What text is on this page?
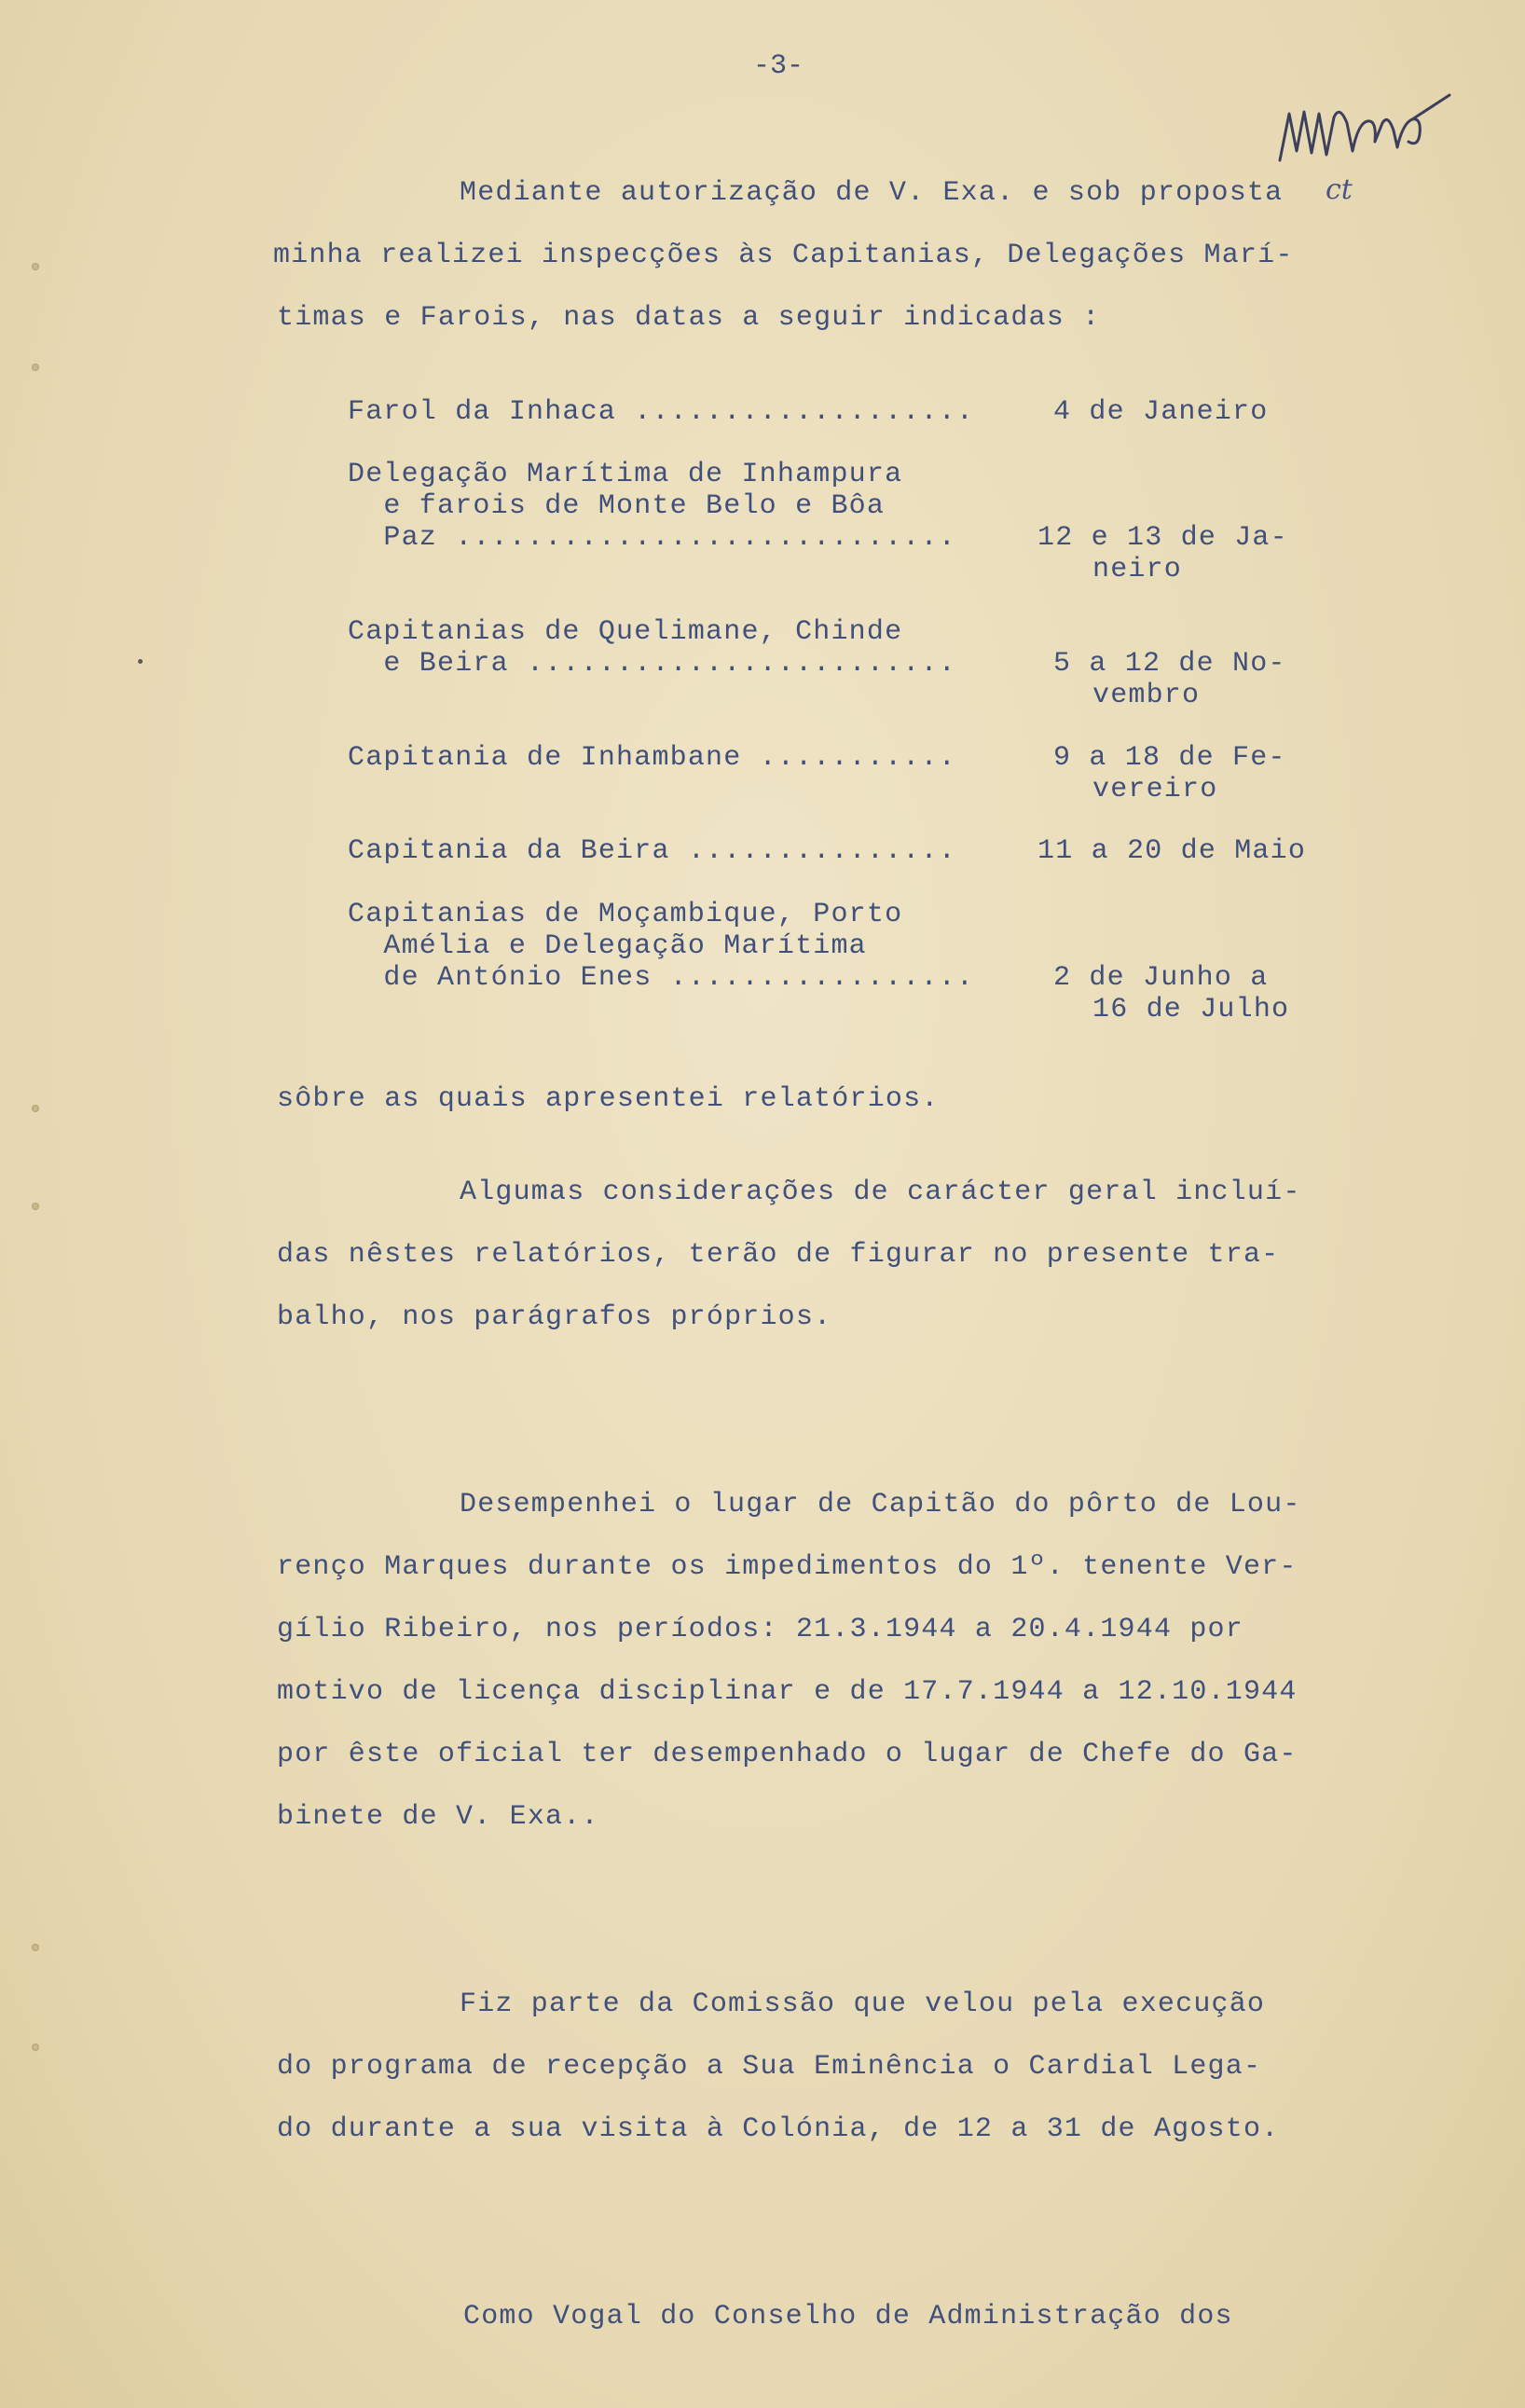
-3-
ct
Mediante autorização de V. Exa. e sob proposta
minha realizei inspecções às Capitanias, Delegações Marí-
timas e Farois, nas datas a seguir indicadas :
Farol da Inhaca ...................	4 de Janeiro
Delegação Marítima de Inhampura
e farois de Monte Belo e Bôa
Paz ............................	12 e 13 de Ja-
neiro
Capitanias de Quelimane, Chinde
e Beira ........................	5 a 12 de No-
vembro
Capitania de Inhambane ...........	9 a 18 de Fe-
vereiro
Capitania da Beira ...............	11 a 20 de Maio
Capitanias de Moçambique, Porto
Amélia e Delegação Marítima
de António Enes .................	2 de Junho a
16 de Julho
sôbre as quais apresentei relatórios.
Algumas considerações de carácter geral incluí-
das nêstes relatórios, terão de figurar no presente tra-
balho, nos parágrafos próprios.
Desempenhei o lugar de Capitão do pôrto de Lou-
renço Marques durante os impedimentos do 1º. tenente Ver-
gílio Ribeiro, nos períodos: 21.3.1944 a 20.4.1944 por
motivo de licença disciplinar e de 17.7.1944 a 12.10.1944
por êste oficial ter desempenhado o lugar de Chefe do Ga-
binete de V. Exa..
Fiz parte da Comissão que velou pela execução
do programa de recepção a Sua Eminência o Cardial Lega-
do durante a sua visita à Colónia, de 12 a 31 de Agosto.
Como Vogal do Conselho de Administração dos
